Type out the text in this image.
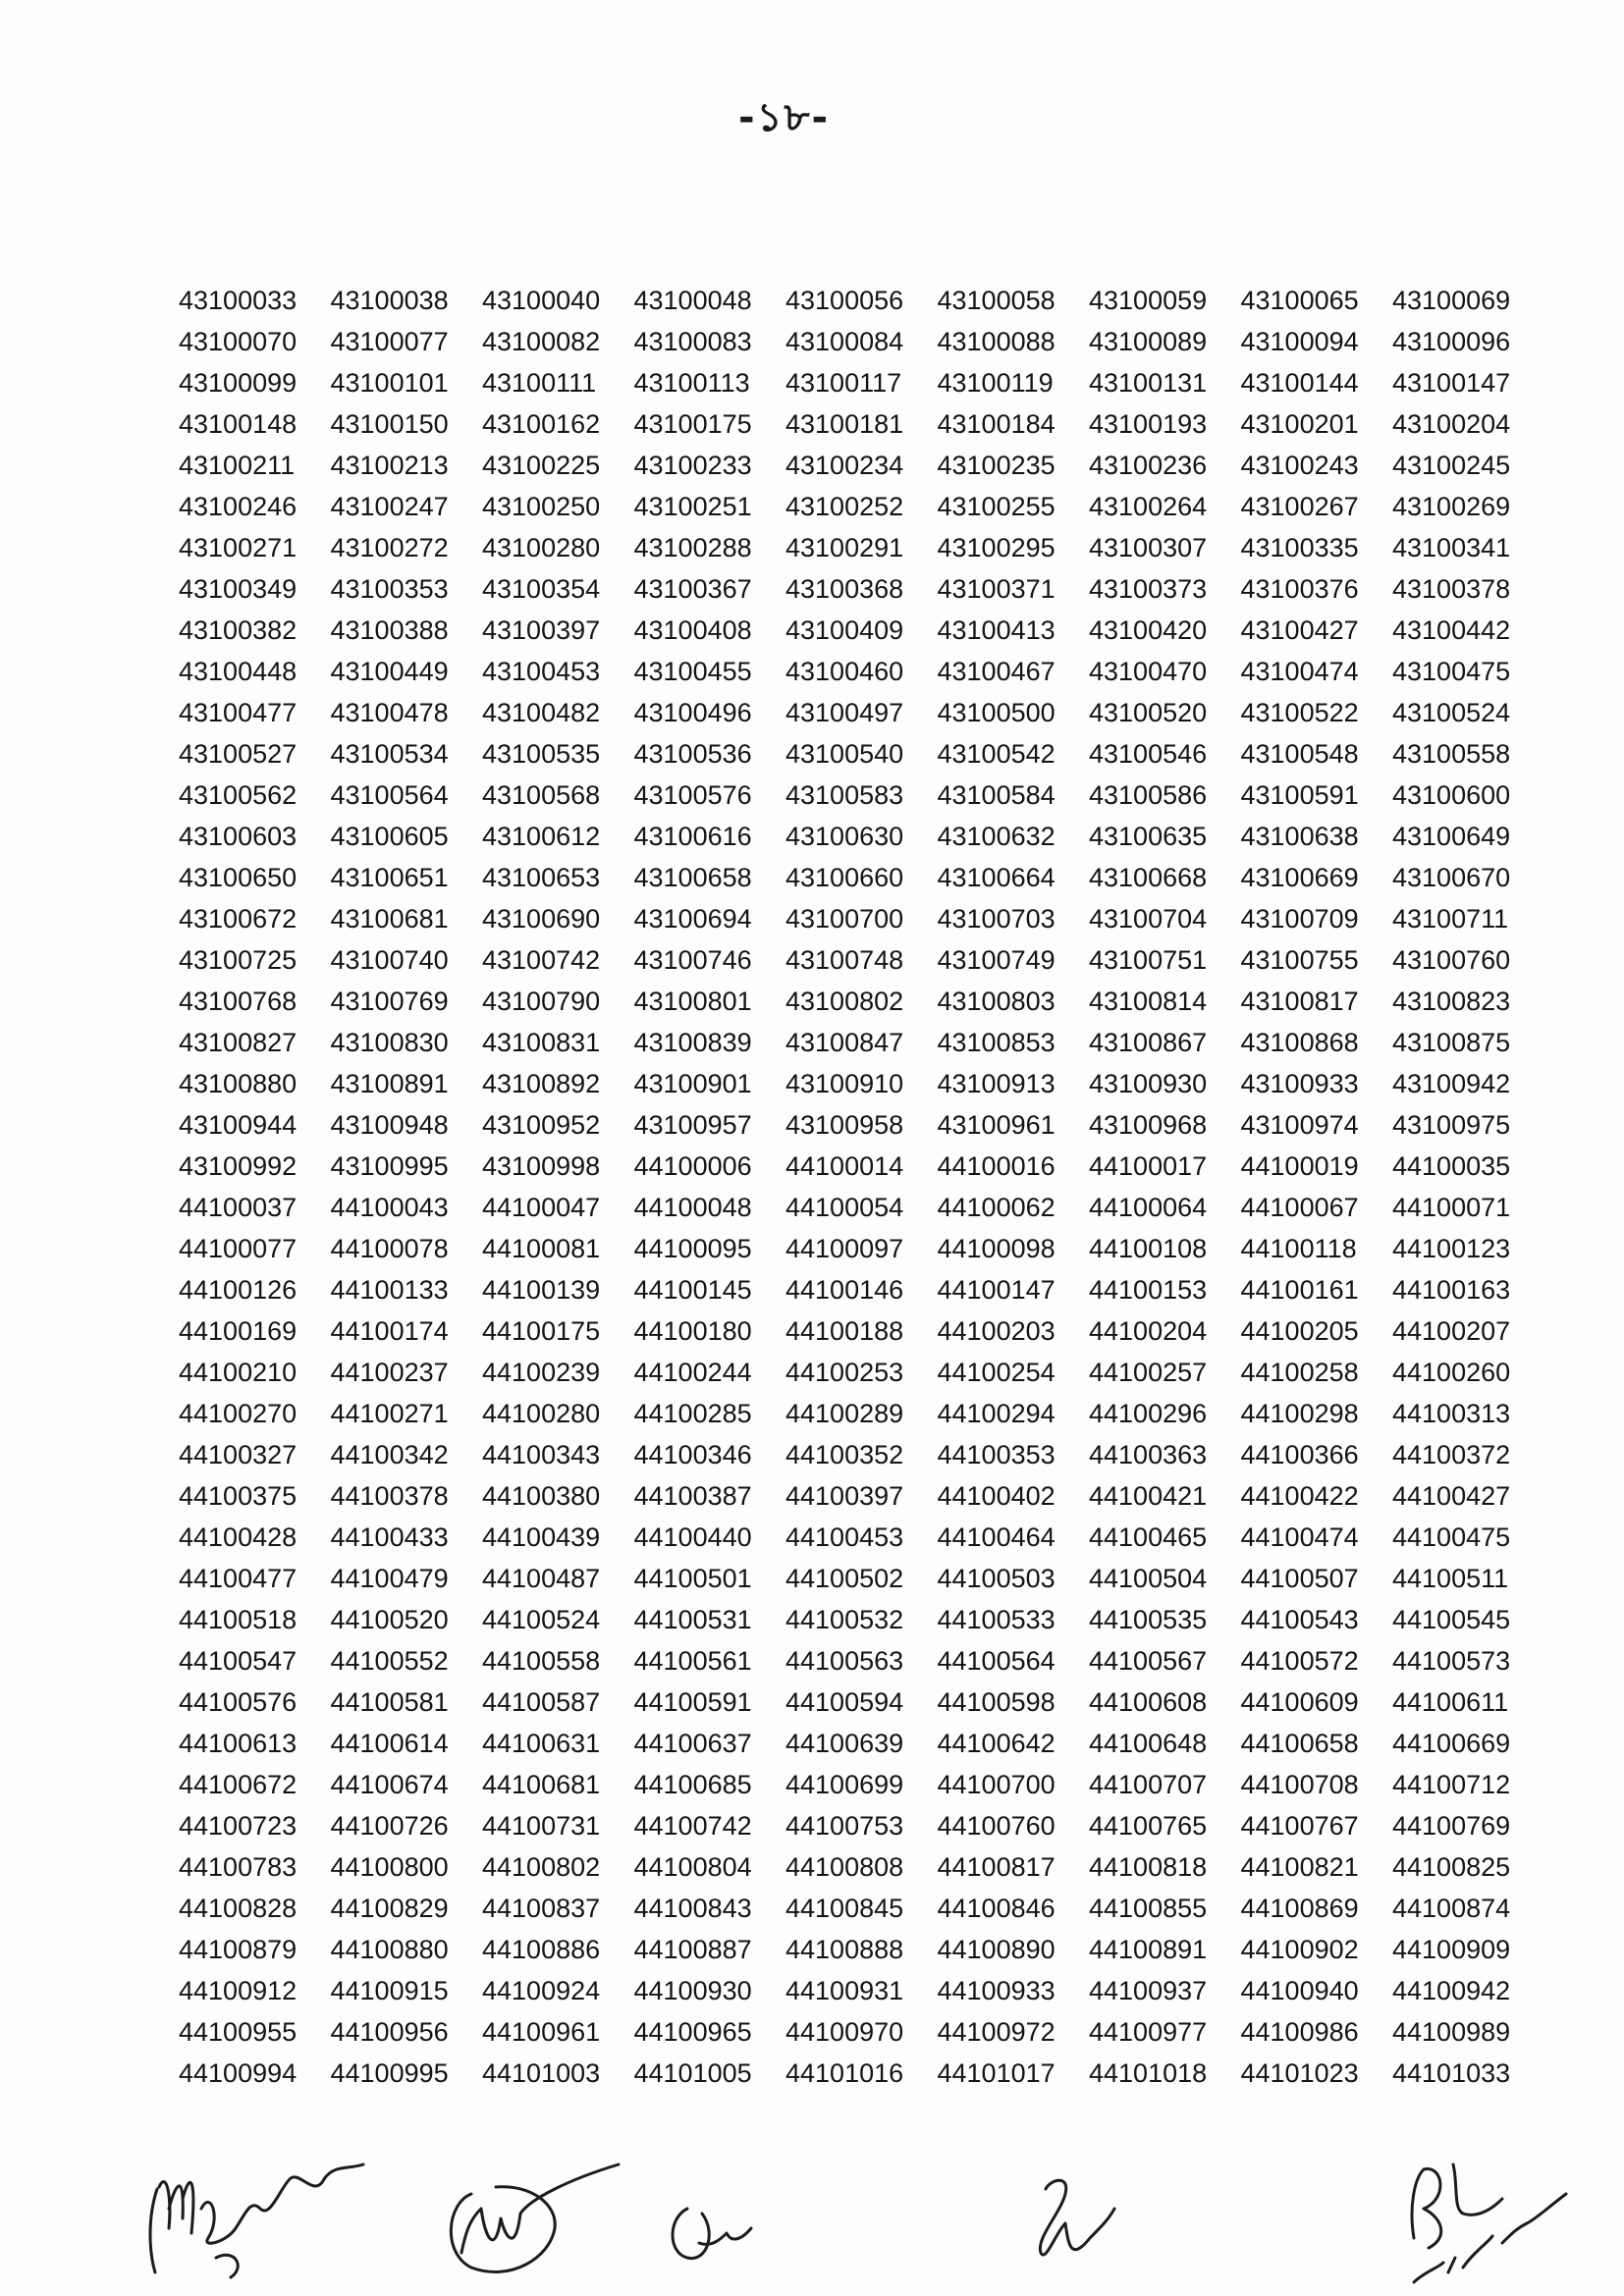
-১৮-
43100033	43100038	43100040	43100048	43100056	43100058	43100059	43100065	43100069
43100070	43100077	43100082	43100083	43100084	43100088	43100089	43100094	43100096
43100099	43100101	43100111	43100113	43100117	43100119	43100131	43100144	43100147
43100148	43100150	43100162	43100175	43100181	43100184	43100193	43100201	43100204
43100211	43100213	43100225	43100233	43100234	43100235	43100236	43100243	43100245
43100246	43100247	43100250	43100251	43100252	43100255	43100264	43100267	43100269
43100271	43100272	43100280	43100288	43100291	43100295	43100307	43100335	43100341
43100349	43100353	43100354	43100367	43100368	43100371	43100373	43100376	43100378
43100382	43100388	43100397	43100408	43100409	43100413	43100420	43100427	43100442
43100448	43100449	43100453	43100455	43100460	43100467	43100470	43100474	43100475
43100477	43100478	43100482	43100496	43100497	43100500	43100520	43100522	43100524
43100527	43100534	43100535	43100536	43100540	43100542	43100546	43100548	43100558
43100562	43100564	43100568	43100576	43100583	43100584	43100586	43100591	43100600
43100603	43100605	43100612	43100616	43100630	43100632	43100635	43100638	43100649
43100650	43100651	43100653	43100658	43100660	43100664	43100668	43100669	43100670
43100672	43100681	43100690	43100694	43100700	43100703	43100704	43100709	43100711
43100725	43100740	43100742	43100746	43100748	43100749	43100751	43100755	43100760
43100768	43100769	43100790	43100801	43100802	43100803	43100814	43100817	43100823
43100827	43100830	43100831	43100839	43100847	43100853	43100867	43100868	43100875
43100880	43100891	43100892	43100901	43100910	43100913	43100930	43100933	43100942
43100944	43100948	43100952	43100957	43100958	43100961	43100968	43100974	43100975
43100992	43100995	43100998	44100006	44100014	44100016	44100017	44100019	44100035
44100037	44100043	44100047	44100048	44100054	44100062	44100064	44100067	44100071
44100077	44100078	44100081	44100095	44100097	44100098	44100108	44100118	44100123
44100126	44100133	44100139	44100145	44100146	44100147	44100153	44100161	44100163
44100169	44100174	44100175	44100180	44100188	44100203	44100204	44100205	44100207
44100210	44100237	44100239	44100244	44100253	44100254	44100257	44100258	44100260
44100270	44100271	44100280	44100285	44100289	44100294	44100296	44100298	44100313
44100327	44100342	44100343	44100346	44100352	44100353	44100363	44100366	44100372
44100375	44100378	44100380	44100387	44100397	44100402	44100421	44100422	44100427
44100428	44100433	44100439	44100440	44100453	44100464	44100465	44100474	44100475
44100477	44100479	44100487	44100501	44100502	44100503	44100504	44100507	44100511
44100518	44100520	44100524	44100531	44100532	44100533	44100535	44100543	44100545
44100547	44100552	44100558	44100561	44100563	44100564	44100567	44100572	44100573
44100576	44100581	44100587	44100591	44100594	44100598	44100608	44100609	44100611
44100613	44100614	44100631	44100637	44100639	44100642	44100648	44100658	44100669
44100672	44100674	44100681	44100685	44100699	44100700	44100707	44100708	44100712
44100723	44100726	44100731	44100742	44100753	44100760	44100765	44100767	44100769
44100783	44100800	44100802	44100804	44100808	44100817	44100818	44100821	44100825
44100828	44100829	44100837	44100843	44100845	44100846	44100855	44100869	44100874
44100879	44100880	44100886	44100887	44100888	44100890	44100891	44100902	44100909
44100912	44100915	44100924	44100930	44100931	44100933	44100937	44100940	44100942
44100955	44100956	44100961	44100965	44100970	44100972	44100977	44100986	44100989
44100994	44100995	44101003	44101005	44101016	44101017	44101018	44101023	44101033
